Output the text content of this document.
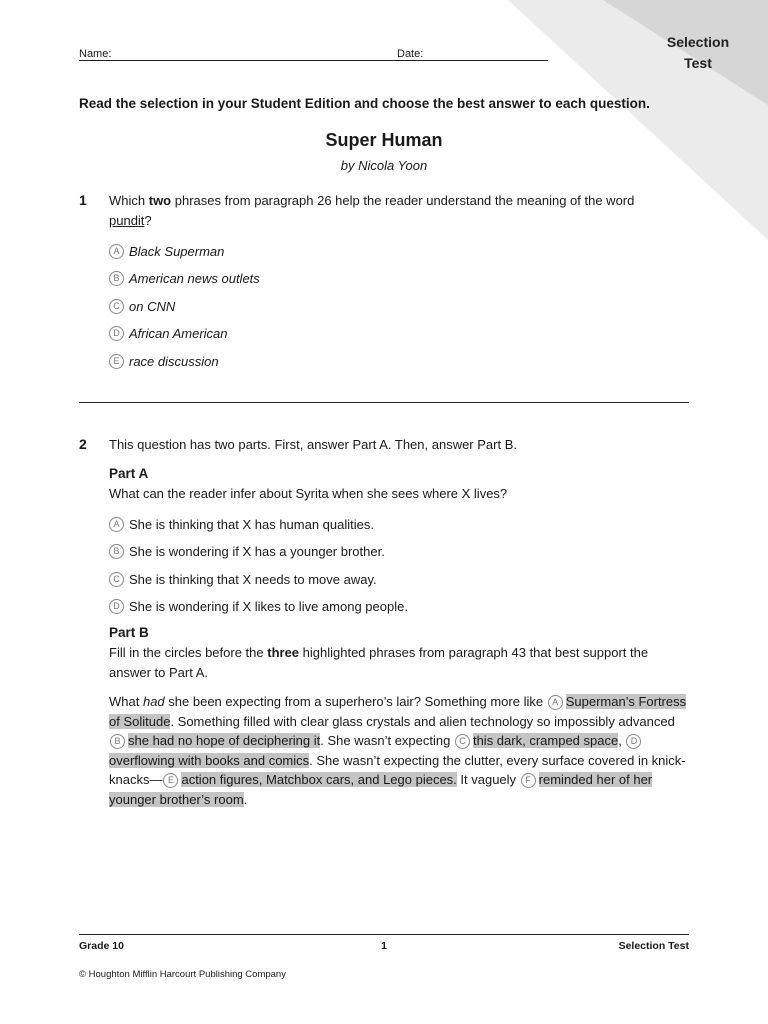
Selection Test
Name:	Date:
Read the selection in your Student Edition and choose the best answer to each question.
Super Human
by Nicola Yoon
1 Which two phrases from paragraph 26 help the reader understand the meaning of the word pundit?
A Black Superman
B American news outlets
C on CNN
D African American
E race discussion
2 This question has two parts. First, answer Part A. Then, answer Part B.
Part A
What can the reader infer about Syrita when she sees where X lives?
A She is thinking that X has human qualities.
B She is wondering if X has a younger brother.
C She is thinking that X needs to move away.
D She is wondering if X likes to live among people.
Part B
Fill in the circles before the three highlighted phrases from paragraph 43 that best support the answer to Part A.
What had she been expecting from a superhero’s lair? Something more like A Superman’s Fortress of Solitude. Something filled with clear glass crystals and alien technology so impossibly advanced B she had no hope of deciphering it. She wasn’t expecting C this dark, cramped space, Doverflowing with books and comics. She wasn’t expecting the clutter, every surface covered in knick-knacks— E action figures, Matchbox cars, and Lego pieces. It vaguely F reminded her of her younger brother’s room.
Grade 10	1	Selection Test
© Houghton Mifflin Harcourt Publishing Company
